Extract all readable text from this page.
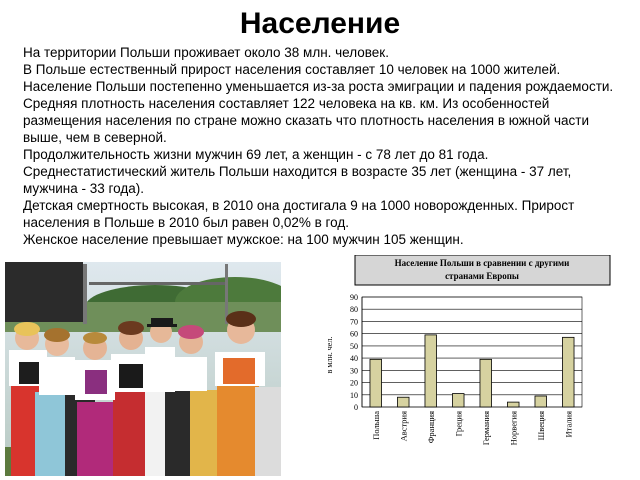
Население

На территории Польши проживает около 38 млн. человек.

В Польше естественный прирост населения составляет 10 человек на 1000 жителей. Население Польши постепенно уменьшается из-за роста эмиграции и падения рождаемости.

Средняя плотность населения составляет 122 человека на кв. км. Из особенностей размещения населения по стране можно сказать что плотность населения в южной части выше, чем в северной.

Продолжительность жизни мужчин 69 лет, а женщин - с 78 лет до 81 года.

Среднестатистический житель Польши находится в возрасте 35 лет (женщина - 37 лет, мужчина - 33 года).

Детская смертность высокая, в 2010 она достигала 9 на 1000 новорожденных. Прирост населения в Польше в 2010 был равен 0,02% в год.

Женское население превышает мужское: на 100 мужчин 105 женщин.

Население Польши в сравнении с другими
странами Европы
в млн. чел.
0
10
20
30
40
50
60
70
80
90
Польша Австрия Франция Греция Германия Норвегия Швеция Италия
